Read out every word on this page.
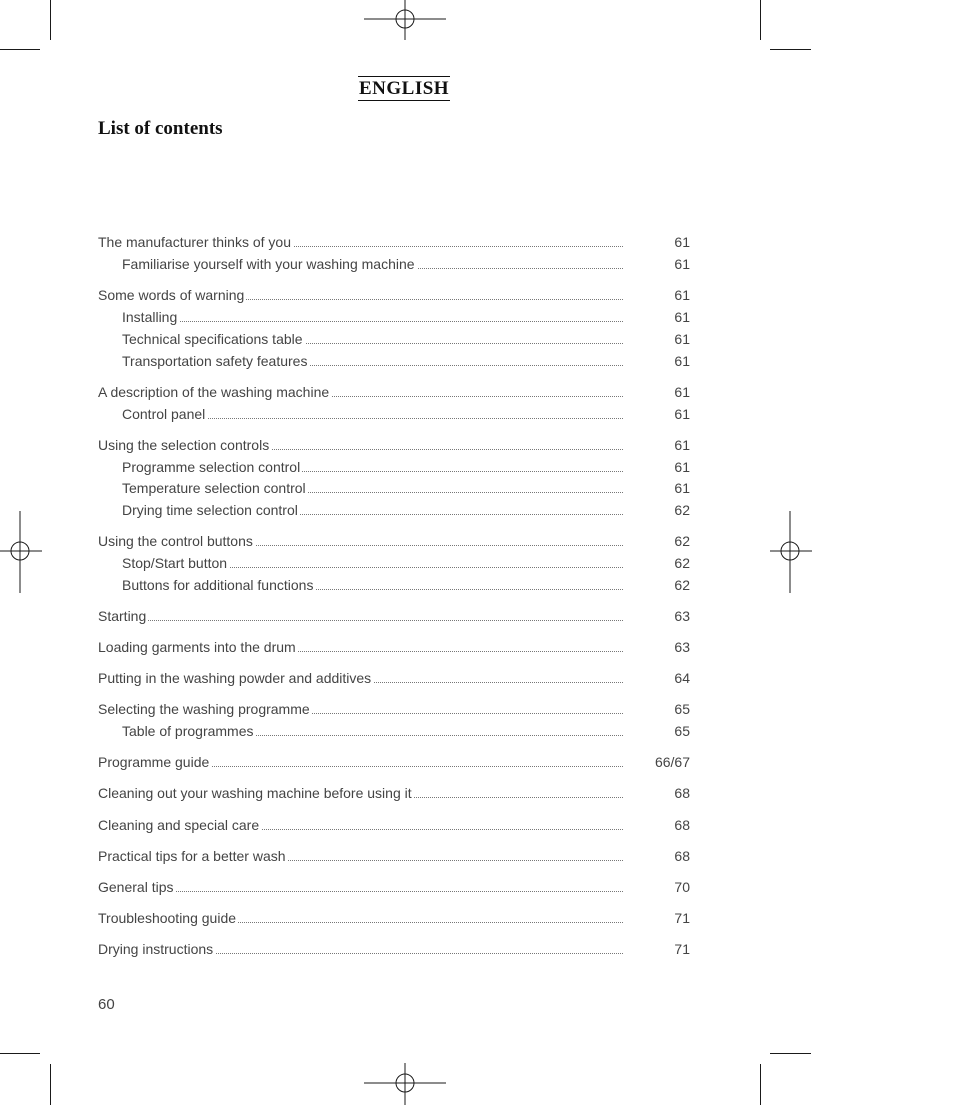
ENGLISH
List of contents
The manufacturer thinks of you	61
Familiarise yourself with your washing machine	61
Some words of warning	61
Installing	61
Technical specifications table	61
Transportation safety features	61
A description of the washing machine	61
Control panel	61
Using the selection controls	61
Programme selection control	61
Temperature selection control	61
Drying time selection control	62
Using the control buttons	62
Stop/Start button	62
Buttons for additional functions	62
Starting	63
Loading garments into the drum	63
Putting in the washing powder and additives	64
Selecting the washing programme	65
Table of programmes	65
Programme guide	66/67
Cleaning out your washing machine before using it	68
Cleaning and special care	68
Practical tips for a better wash	68
General tips	70
Troubleshooting guide	71
Drying instructions	71
60
